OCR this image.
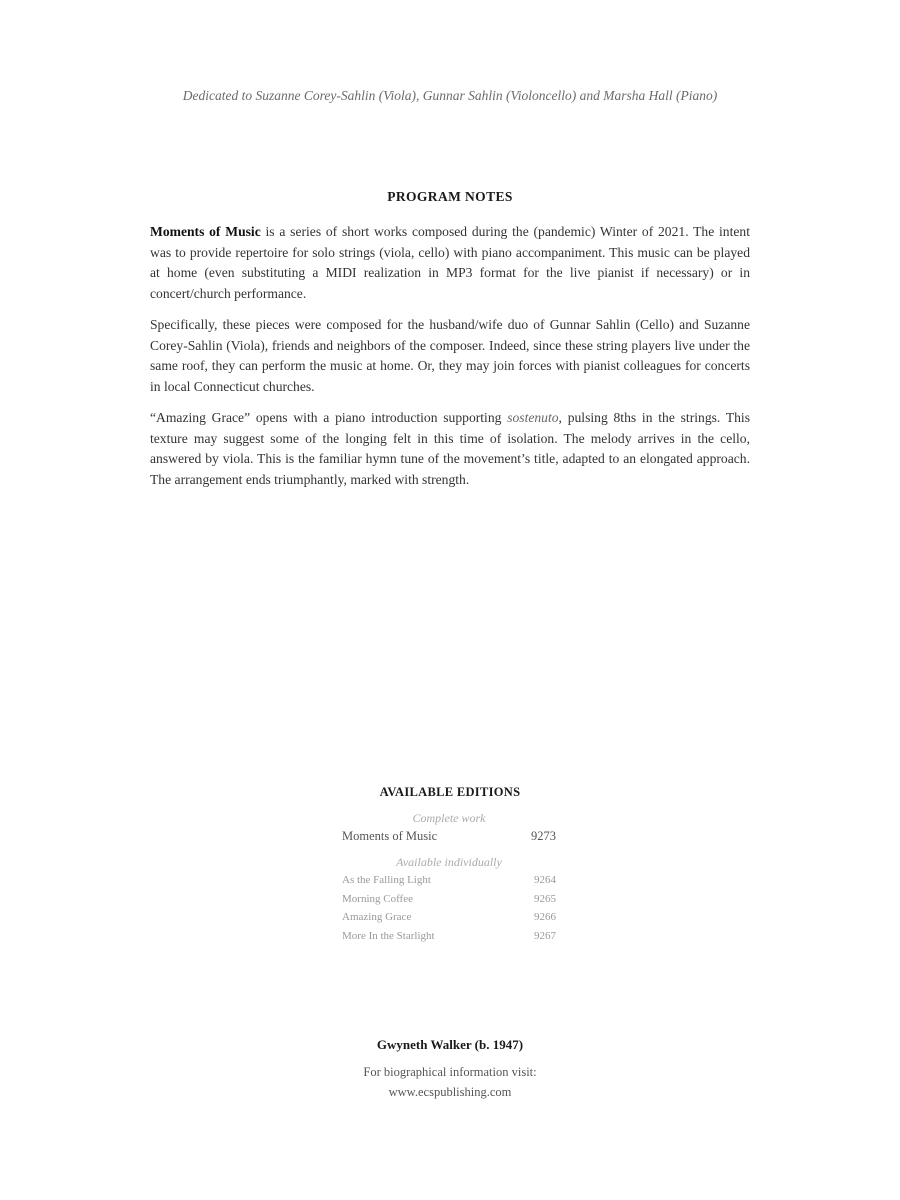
Dedicated to Suzanne Corey-Sahlin (Viola), Gunnar Sahlin (Violoncello) and Marsha Hall (Piano)
PROGRAM NOTES

Moments of Music is a series of short works composed during the (pandemic) Winter of 2021. The intent was to provide repertoire for solo strings (viola, cello) with piano accompaniment. This music can be played at home (even substituting a MIDI realization in MP3 format for the live pianist if necessary) or in concert/church performance.

Specifically, these pieces were composed for the husband/wife duo of Gunnar Sahlin (Cello) and Suzanne Corey-Sahlin (Viola), friends and neighbors of the composer. Indeed, since these string players live under the same roof, they can perform the music at home. Or, they may join forces with pianist colleagues for concerts in local Connecticut churches.

“Amazing Grace” opens with a piano introduction supporting sostenuto, pulsing 8ths in the strings. This texture may suggest some of the longing felt in this time of isolation. The melody arrives in the cello, answered by viola. This is the familiar hymn tune of the movement’s title, adapted to an elongated approach. The arrangement ends triumphantly, marked with strength.

AVAILABLE EDITIONS
Complete work
Moments of Music	9273
Available individually
As the Falling Light	9264
Morning Coffee	9265
Amazing Grace	9266
More In the Starlight	9267
Gwyneth Walker (b. 1947)
For biographical information visit:
www.ecspublishing.com
